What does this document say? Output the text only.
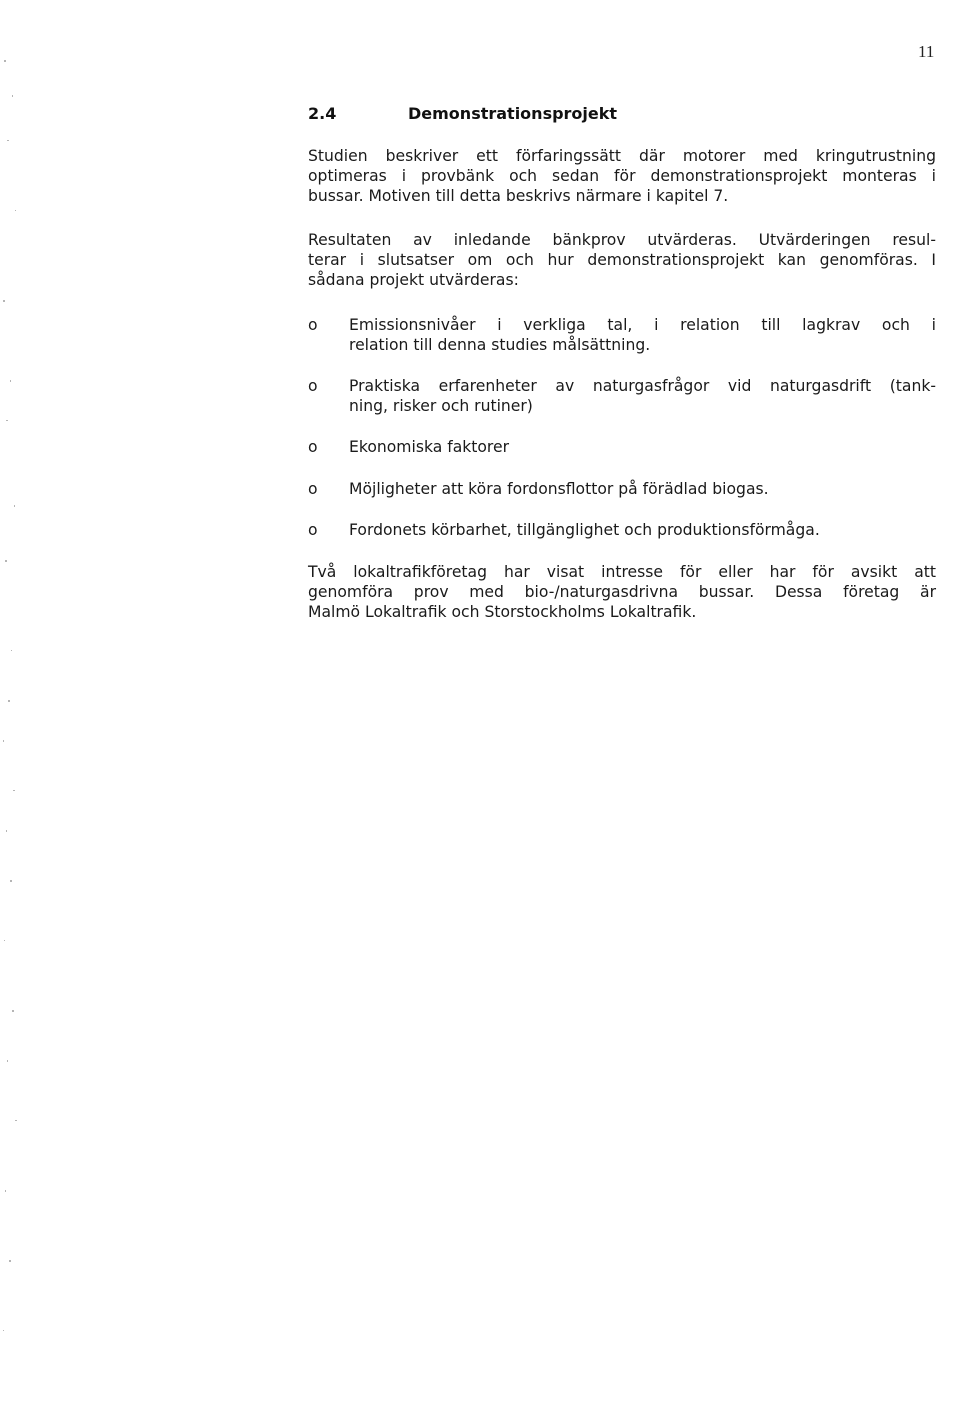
11
2.4	Demonstrationsprojekt
Studien beskriver ett förfaringssätt där motorer med kringutrustning
optimeras i provbänk och sedan för demonstrationsprojekt monteras i
bussar. Motiven till detta beskrivs närmare i kapitel 7.
Resultaten av inledande bänkprov utvärderas. Utvärderingen resul-
terar i slutsatser om och hur demonstrationsprojekt kan genomföras. I
sådana projekt utvärderas:
o Emissionsnivåer i verkliga tal, i relation till lagkrav och i
relation till denna studies målsättning.
o Praktiska erfarenheter av naturgasfrågor vid naturgasdrift (tank-
ning, risker och rutiner)
o Ekonomiska faktorer
o Möjligheter att köra fordonsflottor på förädlad biogas.
o Fordonets körbarhet, tillgänglighet och produktionsförmåga.
Två lokaltrafikföretag har visat intresse för eller har för avsikt att
genomföra prov med bio-/naturgasdrivna bussar. Dessa företag är
Malmö Lokaltrafik och Storstockholms Lokaltrafik.
